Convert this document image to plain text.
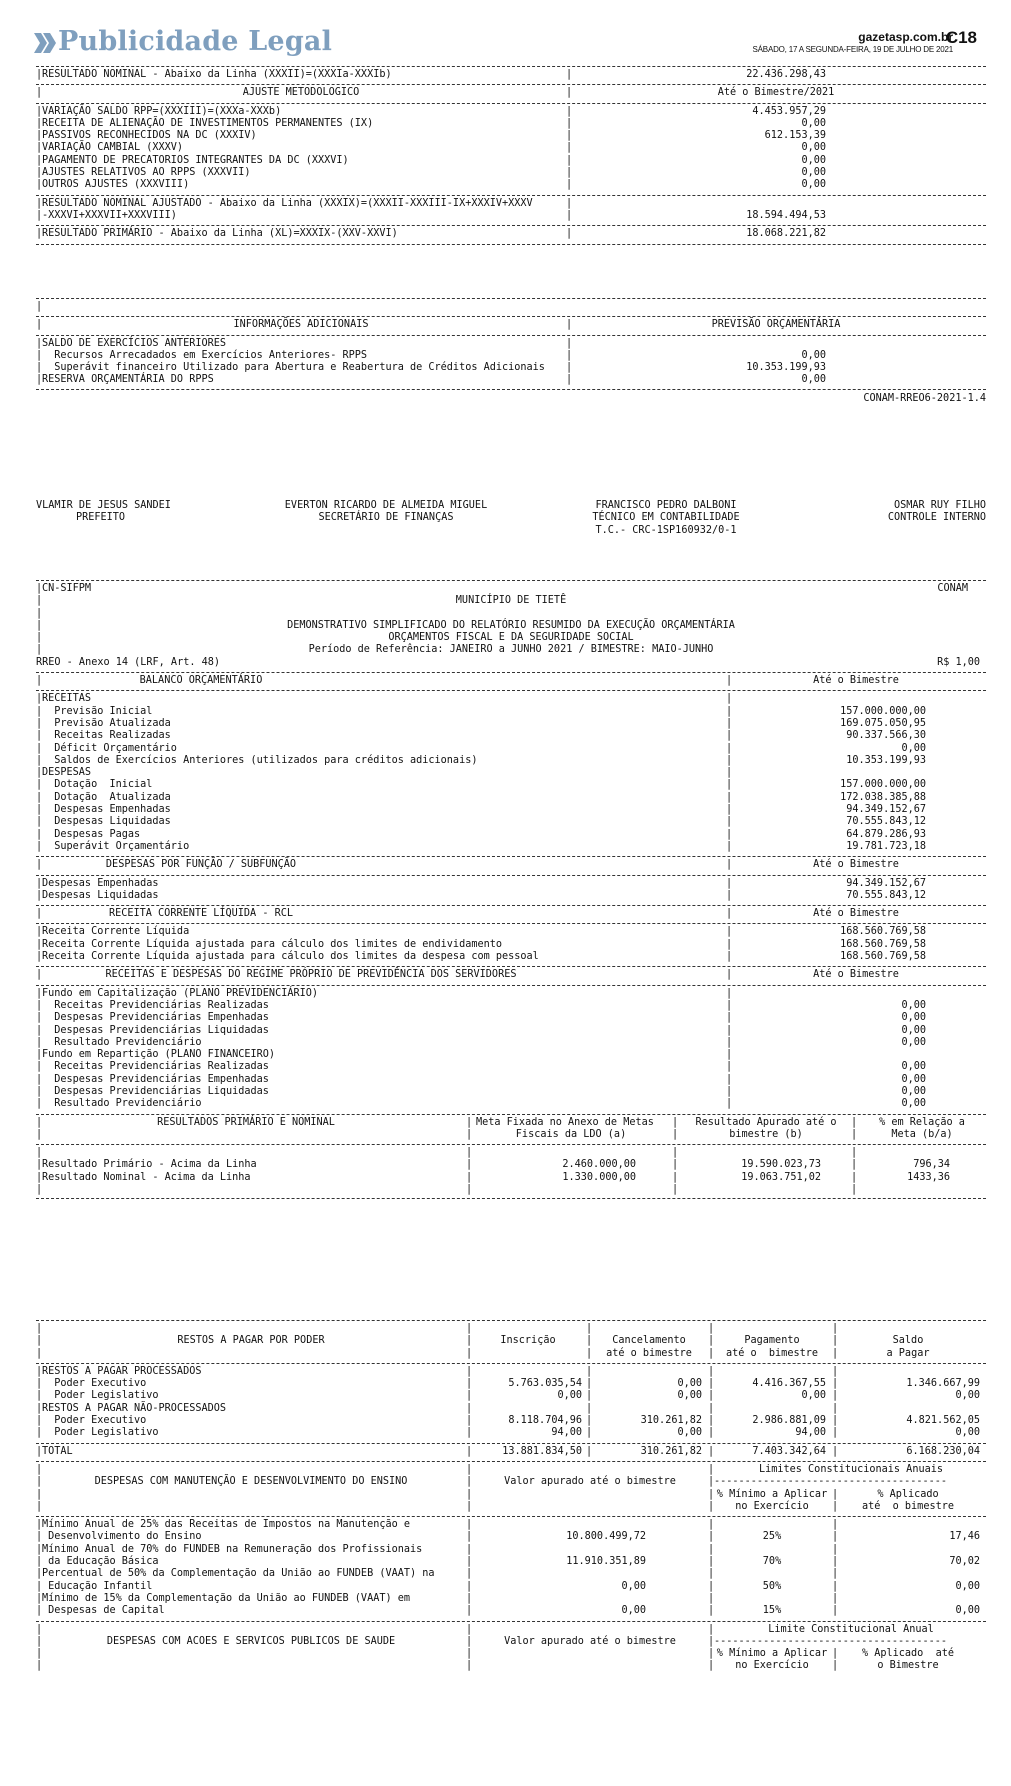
Publicidade Legal	gazetasp.com.br
SÁBADO, 17 A SEGUNDA-FEIRA, 19 DE JULHO DE 2021
C18
| RESULTADO NOMINAL - Abaixo da Linha (XXXII)=(XXXIa-XXXIb)	|	22.436.298,43
|	AJUSTE METODOLOGICO	|	Até o Bimestre/2021
| VARIAÇÃO SALDO RPP=(XXXIII)=(XXXa-XXXb)	|	4.453.957,29
| RECEITA DE ALIENAÇÃO DE INVESTIMENTOS PERMANENTES (IX)	|	0,00
| PASSIVOS RECONHECIDOS NA DC (XXXIV)	|	612.153,39
| VARIAÇÃO CAMBIAL (XXXV)	|	0,00
| PAGAMENTO DE PRECATORIOS INTEGRANTES DA DC (XXXVI)	|	0,00
| AJUSTES RELATIVOS AO RPPS (XXXVII)	|	0,00
| OUTROS AJUSTES (XXXVIII)	|	0,00
| RESULTADO NOMINAL AJUSTADO - Abaixo da Linha (XXXIX)=(XXXII-XXXIII-IX+XXXIV+XXXV	|
| -XXXVI+XXXVII+XXXVIII)	|	18.594.494,53
| RESULTADO PRIMÁRIO - Abaixo da Linha (XL)=XXXIX-(XXV-XXVI)	|	18.068.221,82
|
|	INFORMAÇÕES ADICIONAIS	|	PREVISÃO ORÇAMENTÁRIA
| SALDO DE EXERCÍCIOS ANTERIORES	|
| Recursos Arrecadados em Exercícios Anteriores- RPPS	|	0,00
| Superávit financeiro Utilizado para Abertura e Reabertura de Créditos Adicionais |	10.353.199,93
| RESERVA ORÇAMENTÁRIA DO RPPS	|	0,00
CONAM-RREO6-2021-1.4
VLAMIR DE JESUS SANDEI
PREFEITO
EVERTON RICARDO DE ALMEIDA MIGUEL
SECRETÁRIO DE FINANÇAS
FRANCISCO PEDRO DALBONI
TÉCNICO EM CONTABILIDADE
T.C.- CRC-1SP160932/0-1
OSMAR RUY FILHO
CONTROLE INTERNO
| CN-SIFPM	CONAM
|	MUNICÍPIO DE TIETÊ
|
|	DEMONSTRATIVO SIMPLIFICADO DO RELATÓRIO RESUMIDO DA EXECUÇÃO ORÇAMENTÁRIA
|	ORÇAMENTOS FISCAL E DA SEGURIDADE SOCIAL
|	Período de Referência: JANEIRO a JUNHO 2021 / BIMESTRE: MAIO-JUNHO
RREO - Anexo 14 (LRF, Art. 48)	R$ 1,00
|	BALANCO ORÇAMENTÁRIO	|	Até o Bimestre
| RECEITAS	|
| Previsão Inicial	|	157.000.000,00
| Previsão Atualizada	|	169.075.050,95
| Receitas Realizadas	|	90.337.566,30
| Déficit Orçamentário	|	0,00
| Saldos de Exercícios Anteriores (utilizados para créditos adicionais)	|	10.353.199,93
| DESPESAS	|
| Dotação  Inicial	|	157.000.000,00
| Dotação  Atualizada	|	172.038.385,88
| Despesas Empenhadas	|	94.349.152,67
| Despesas Liquidadas	|	70.555.843,12
| Despesas Pagas	|	64.879.286,93
| Superávit Orçamentário	|	19.781.723,18
|	DESPESAS POR FUNÇÃO / SUBFUNÇÃO	|	Até o Bimestre
| Despesas Empenhadas	|	94.349.152,67
| Despesas Liquidadas	|	70.555.843,12
|	RECEITA CORRENTE LÍQUIDA - RCL	|	Até o Bimestre
| Receita Corrente Líquida	|	168.560.769,58
| Receita Corrente Líquida ajustada para cálculo dos limites de endividamento	|	168.560.769,58
| Receita Corrente Líquida ajustada para cálculo dos limites da despesa com pessoal	|	168.560.769,58
|	RECEITAS E DESPESAS DO REGIME PRÓPRIO DE PREVIDÊNCIA DOS SERVIDORES	|	Até o Bimestre
| Fundo em Capitalização (PLANO PREVIDENCIÁRIO)	|
| Receitas Previdenciárias Realizadas	|	0,00
| Despesas Previdenciárias Empenhadas	|	0,00
| Despesas Previdenciárias Liquidadas	|	0,00
| Resultado Previdenciário	|	0,00
| Fundo em Repartição (PLANO FINANCEIRO)	|
| Receitas Previdenciárias Realizadas	|	0,00
| Despesas Previdenciárias Empenhadas	|	0,00
| Despesas Previdenciárias Liquidadas	|	0,00
| Resultado Previdenciário	|	0,00
|	RESULTADOS PRIMÁRIO E NOMINAL	| Meta Fixada no Anexo de Metas |	Resultado Apurado até o	|	% em Relação a
|	|	Fiscais da LDO (a)	|	bimestre (b)	|	Meta (b/a)
|	|	|	|
| Resultado Primário - Acima da Linha	|	2.460.000,00	|	19.590.023,73	|	796,34
| Resultado Nominal - Acima da Linha	|	1.330.000,00	|	19.063.751,02	|	1433,36
|	|	|	|
|	|	|	|	|
|	RESTOS A PAGAR POR PODER	|	Inscrição	|	Cancelamento	|	Pagamento	|	Saldo
|	|	|	até o bimestre	|	até o  bimestre	|	a Pagar
| RESTOS A PAGAR PROCESSADOS	|	|	|	|
| Poder Executivo	|	5.763.035,54 |	0,00 |	4.416.367,55 |	1.346.667,99
| Poder Legislativo	|	0,00 |	0,00 |	0,00 |	0,00
| RESTOS A PAGAR NÃO-PROCESSADOS	|	|	|	|
| Poder Executivo	|	8.118.704,96 |	310.261,82 |	2.986.881,09 |	4.821.562,05
| Poder Legislativo	|	94,00 |	0,00 |	94,00 |	0,00
| TOTAL	|	13.881.834,50 |	310.261,82 |	7.403.342,64 |	6.168.230,04
|	|	|	Limites Constitucionais Anuais
|	DESPESAS COM MANUTENÇÃO E DESENVOLVIMENTO DO ENSINO	|	Valor apurado até o bimestre	| --------------------------------------
|	|	| % Mínimo a Aplicar |	% Aplicado
|	|	|	no Exercício	|	até  o bimestre
| Mínimo Anual de 25% das Receitas de Impostos na Manutenção e	|	|	|
| Desenvolvimento do Ensino	|	10.800.499,72	|	25%	|	17,46
| Mínimo Anual de 70% do FUNDEB na Remuneração dos Profissionais	|	|	|
| da Educação Básica	|	11.910.351,89	|	70%	|	70,02
| Percentual de 50% da Complementação da União ao FUNDEB (VAAT) na	|	|	|
| Educação Infantil	|	0,00	|	50%	|	0,00
| Mínimo de 15% da Complementação da União ao FUNDEB (VAAT) em	|	|	|
| Despesas de Capital	|	0,00	|	15%	|	0,00
|	|	|	Limite Constitucional Anual
|	DESPESAS COM ACOES E SERVICOS PUBLICOS DE SAUDE	|	Valor apurado até o bimestre	| --------------------------------------
|	|	| % Mínimo a Aplicar |	% Aplicado  até
|	|	|	no Exercício	|	o Bimestre
